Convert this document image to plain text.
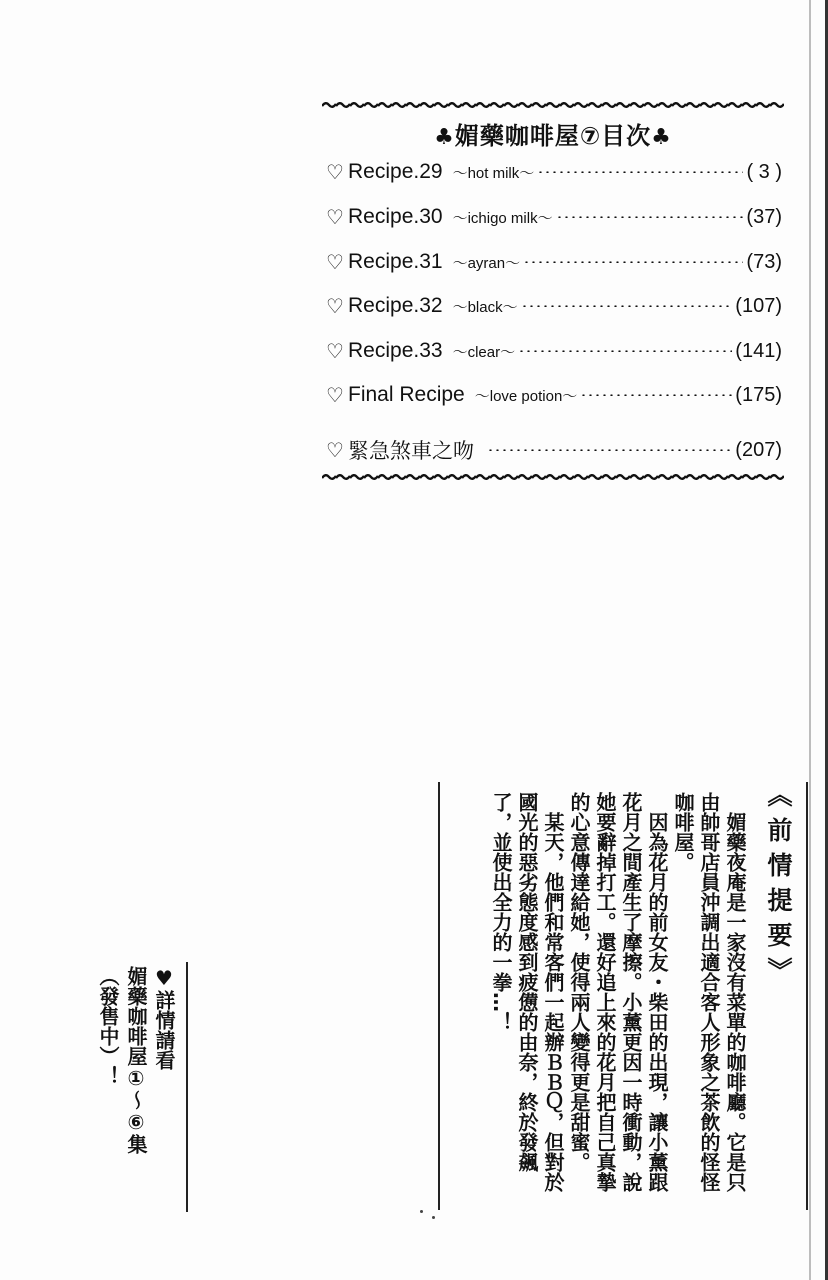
♣媚藥咖啡屋⑦目次♣
♡ Recipe.29 ～hot milk～	( 3 )
♡ Recipe.30 ～ichigo milk～	(37)
♡ Recipe.31 ～ayran～	(73)
♡ Recipe.32 ～black～	(107)
♡ Recipe.33 ～clear～	(141)
♡ Final Recipe ～love potion～	(175)
♡ 緊急煞車之吻	(207)
《前情提要》

媚藥夜庵是一家沒有菜單的咖啡廳。它是只由帥哥店員沖調出適合客人形象之茶飲的怪怪咖啡屋。

因為花月的前女友・柴田的出現，讓小薰跟花月之間產生了摩擦。小薰更因一時衝動，說她要辭掉打工。還好追上來的花月把自己真摯的心意傳達給她，使得兩人變得更是甜蜜。

某天，他們和常客們一起辦ＢＢＱ，但對於國光的惡劣態度感到疲憊的由奈，終於發飆了，並使出全力的一拳…！

♥詳情請看
媚藥咖啡屋①～⑥集
（發售中）！
